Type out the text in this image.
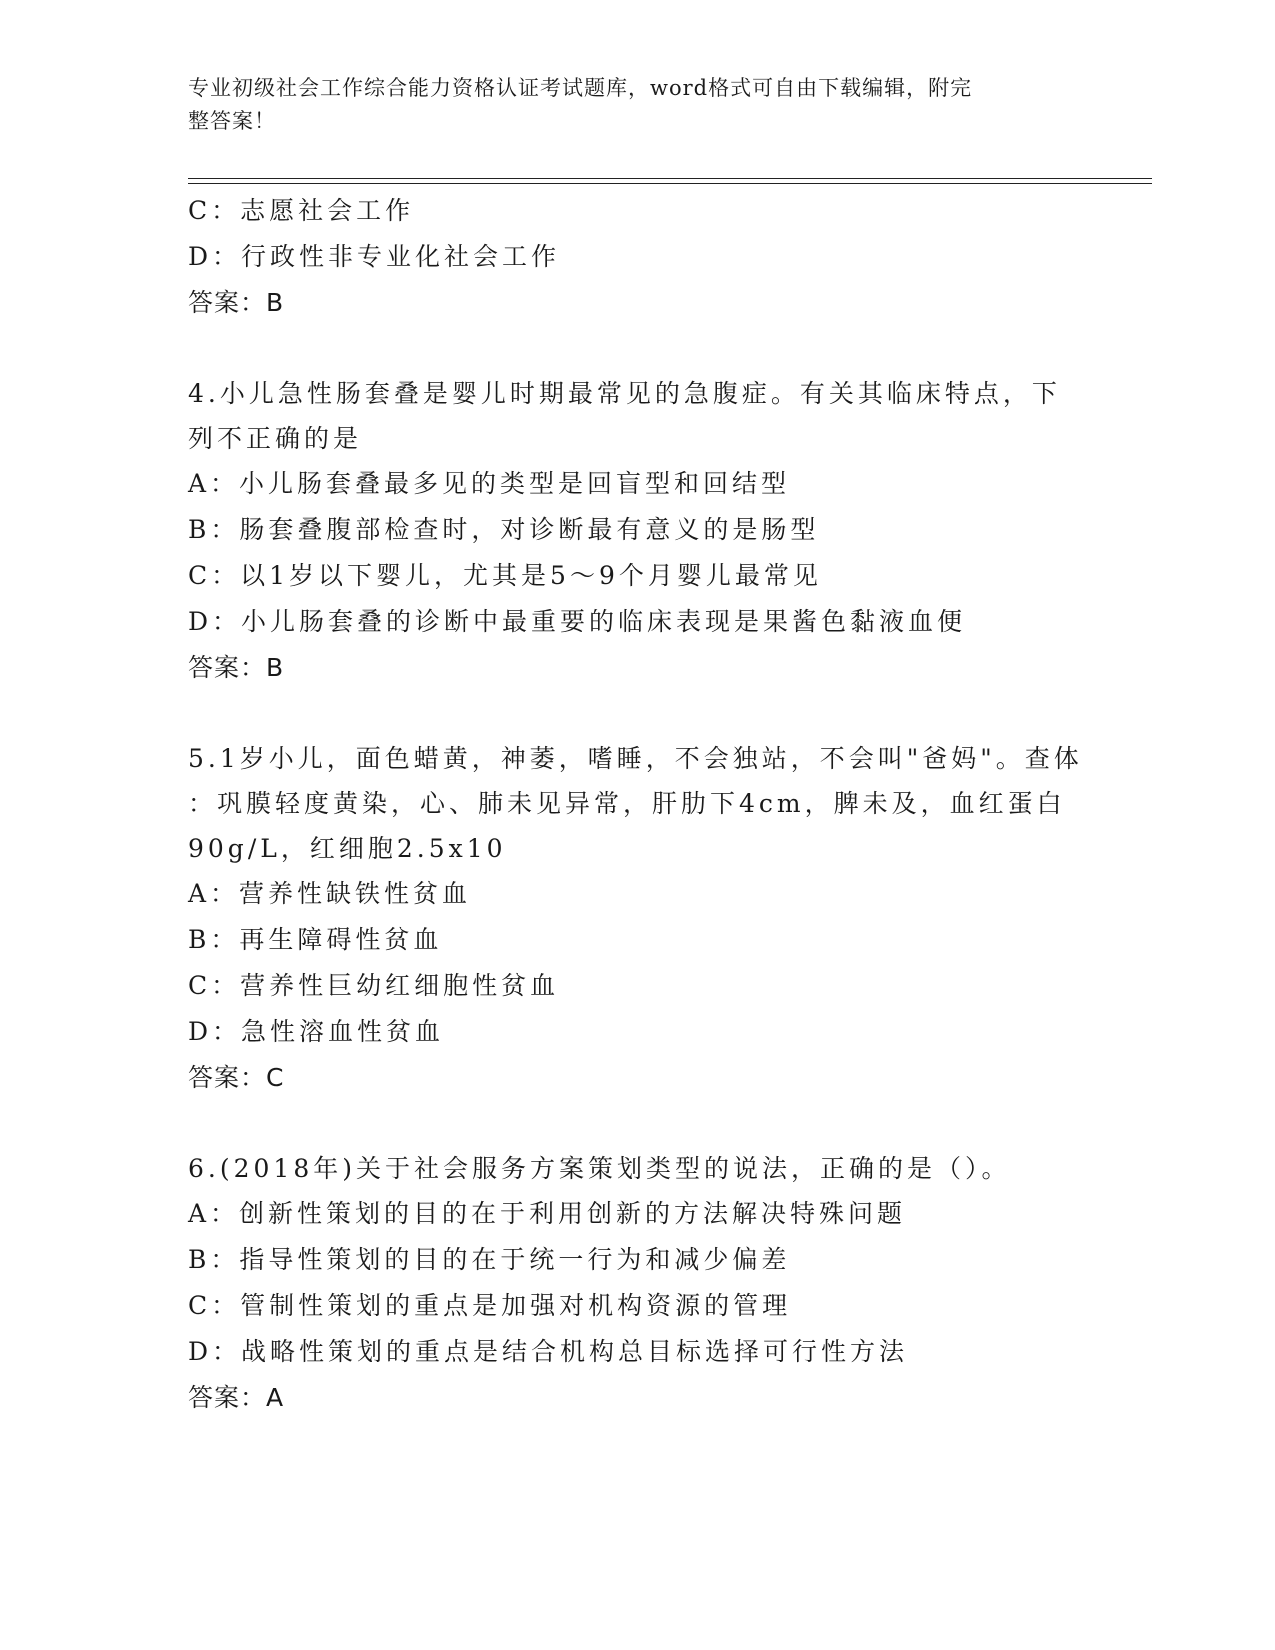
专业初级社会工作综合能力资格认证考试题库，word格式可自由下载编辑，附完
整答案！
C：志愿社会工作
D：行政性非专业化社会工作
答案：B
4.小儿急性肠套叠是婴儿时期最常见的急腹症。有关其临床特点，下
列不正确的是
A：小儿肠套叠最多见的类型是回盲型和回结型
B：肠套叠腹部检查时，对诊断最有意义的是肠型
C：以1岁以下婴儿，尤其是5～9个月婴儿最常见
D：小儿肠套叠的诊断中最重要的临床表现是果酱色黏液血便
答案：B
5.1岁小儿，面色蜡黄，神萎，嗜睡，不会独站，不会叫"爸妈"。查体
：巩膜轻度黄染，心、肺未见异常，肝肋下4cm，脾未及，血红蛋白
90g/L，红细胞2.5x10
A：营养性缺铁性贫血
B：再生障碍性贫血
C：营养性巨幼红细胞性贫血
D：急性溶血性贫血
答案：C
6.(2018年)关于社会服务方案策划类型的说法，正确的是（）。
A：创新性策划的目的在于利用创新的方法解决特殊问题
B：指导性策划的目的在于统一行为和减少偏差
C：管制性策划的重点是加强对机构资源的管理
D：战略性策划的重点是结合机构总目标选择可行性方法
答案：A
